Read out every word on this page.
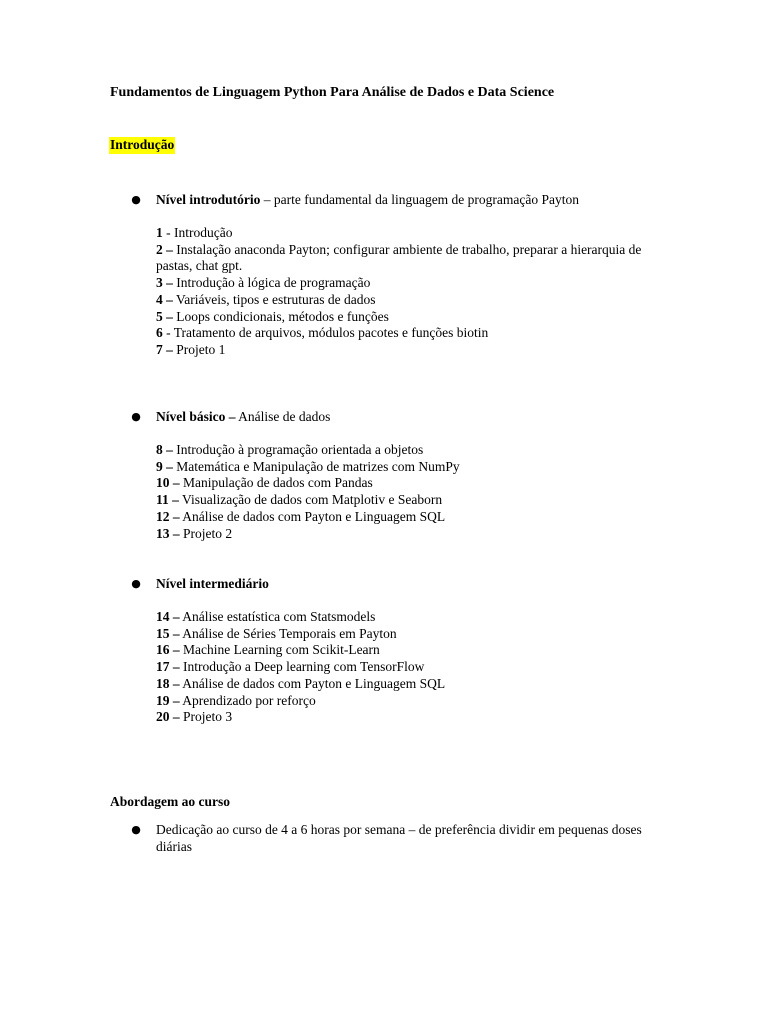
Fundamentos de Linguagem Python Para Análise de Dados e Data Science
Introdução
● Nível introdutório – parte fundamental da linguagem de programação Payton
1 - Introdução
2 – Instalação anaconda Payton; configurar ambiente de trabalho, preparar a hierarquia de pastas, chat gpt.
3 – Introdução à lógica de programação
4 – Variáveis, tipos e estruturas de dados
5 – Loops condicionais, métodos e funções
6 - Tratamento de arquivos, módulos pacotes e funções biotin
7 – Projeto 1
● Nível básico – Análise de dados
8 – Introdução à programação orientada a objetos
9 – Matemática e Manipulação de matrizes com NumPy
10 – Manipulação de dados com Pandas
11 – Visualização de dados com Matplotiv e Seaborn
12 – Análise de dados com Payton e Linguagem SQL
13 – Projeto 2
● Nível intermediário
14 – Análise estatística com Statsmodels
15 – Análise de Séries Temporais em Payton
16 – Machine Learning com Scikit-Learn
17 – Introdução a Deep learning com TensorFlow
18 – Análise de dados com Payton e Linguagem SQL
19 – Aprendizado por reforço
20 – Projeto 3
Abordagem ao curso
● Dedicação ao curso de 4 a 6 horas por semana – de preferência dividir em pequenas doses diárias
